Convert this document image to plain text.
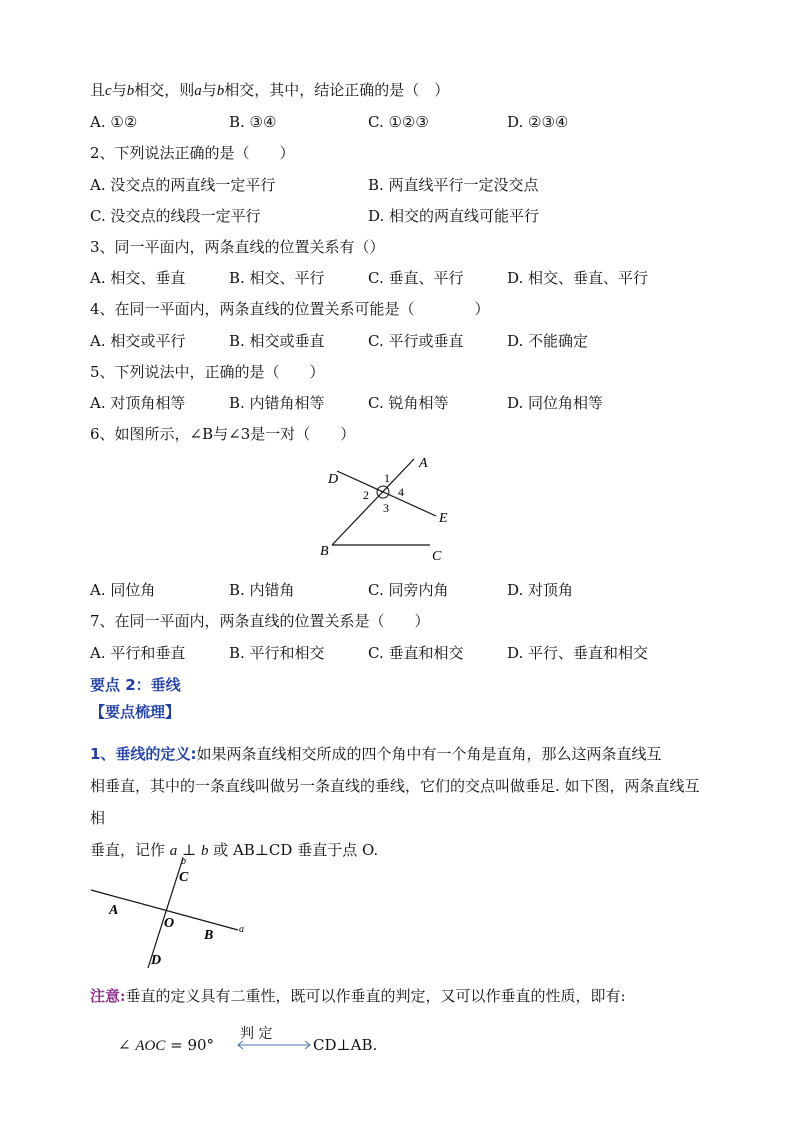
且c与b相交，则a与b相交，其中，结论正确的是（　）
A. ①②	B. ③④	C. ①②③	D. ②③④
2、下列说法正确的是（　　）
A. 没交点的两直线一定平行	B. 两直线平行一定没交点
C. 没交点的线段一定平行	D. 相交的两直线可能平行
3、同一平面内，两条直线的位置关系有（）
A. 相交、垂直	B. 相交、平行	C. 垂直、平行	D. 相交、垂直、平行
4、在同一平面内，两条直线的位置关系可能是（　　　　）
A. 相交或平行	B. 相交或垂直	C. 平行或垂直	D. 不能确定
5、下列说法中，正确的是（　　）
A. 对顶角相等	B. 内错角相等	C. 锐角相等	D. 同位角相等
6、如图所示，∠B与∠3是一对（　　）
A
D
E
B	C
1
2
3
4
A. 同位角	B. 内错角	C. 同旁内角	D. 对顶角
7、在同一平面内，两条直线的位置关系是（　　）
A. 平行和垂直	B. 平行和相交	C. 垂直和相交	D. 平行、垂直和相交
要点 2：垂线
【要点梳理】
1、垂线的定义:如果两条直线相交所成的四个角中有一个角是直角，那么这两条直线互
相垂直，其中的一条直线叫做另一条直线的垂线，它们的交点叫做垂足. 如下图，两条直线互相
垂直，记作 a ⊥ b 或 AB⊥CD 垂直于点 O.
b
a
C
A
O
B
D
注意:垂直的定义具有二重性，既可以作垂直的判定，又可以作垂直的性质，即有:
∠ AOC = 90°
判 定
CD⊥AB.
